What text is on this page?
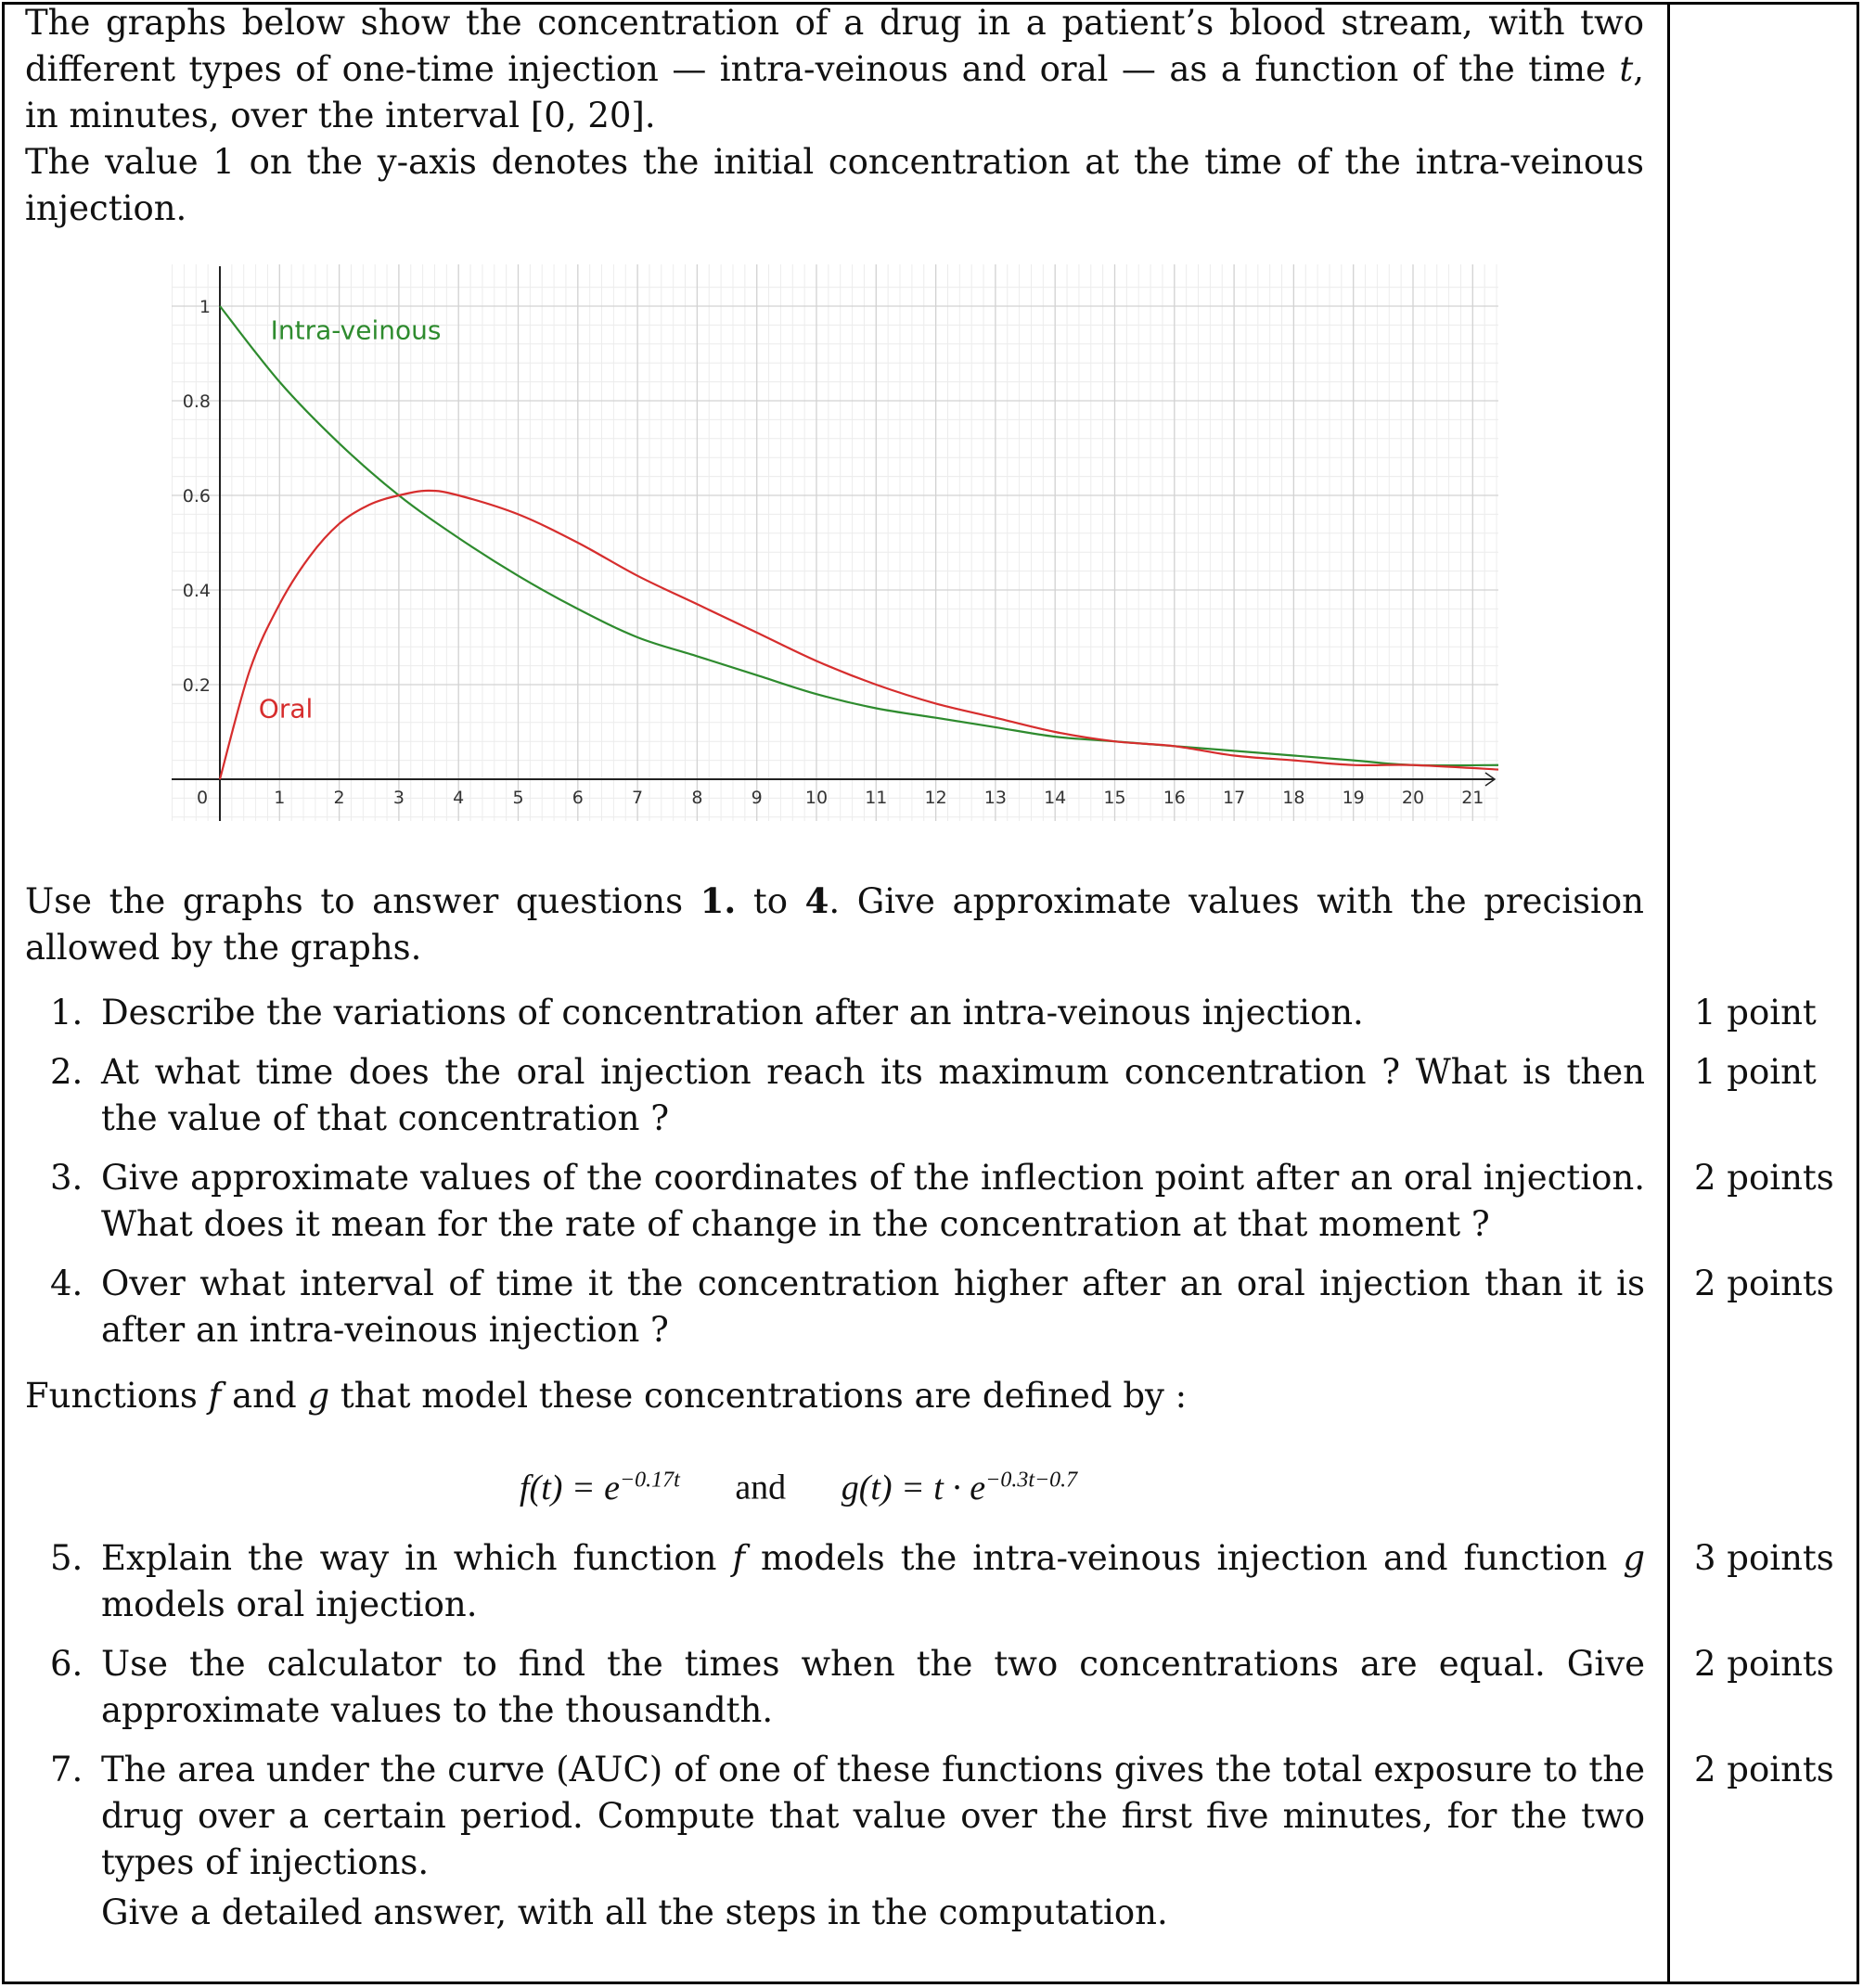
The graphs below show the concentration of a drug in a patient’s blood stream, with two different types of one-time injection — intra-veinous and oral — as a function of the time t, in minutes, over the interval [0, 20].
The value 1 on the y-axis denotes the initial concentration at the time of the intra-veinous injection.
0	1	2	3	4	5	6	7	8	9 10 11 12 13 14 15 16 17 18 19 20 21
0.2
0.4
0.6
0.8
1
Intra-veinous
Oral
Use the graphs to answer questions 1. to 4. Give approximate values with the precision allowed by the graphs.
1. Describe the variations of concentration after an intra-veinous injection.	1 point
2. At what time does the oral injection reach its maximum concentration ? What is then the value of that concentration ?
1 point
3. Give approximate values of the coordinates of the inflection point after an oral injection. What does it mean for the rate of change in the concentration at that moment ?
2 points
4. Over what interval of time it the concentration higher after an oral injection than it is after an intra-veinous injection ?
2 points
Functions f and g that model these concentrations are defined by :
$f(t) = e^{-0.17t}$ and $g(t) = t \cdot e^{-0.3t-0.7}$
5. Explain the way in which function f models the intra-veinous injection and function g models oral injection.
3 points
6. Use the calculator to find the times when the two concentrations are equal. Give approximate values to the thousandth.
2 points
7. The area under the curve (AUC) of one of these functions gives the total exposure to the drug over a certain period. Compute that value over the first five minutes, for the two types of injections.
Give a detailed answer, with all the steps in the computation.
2 points
